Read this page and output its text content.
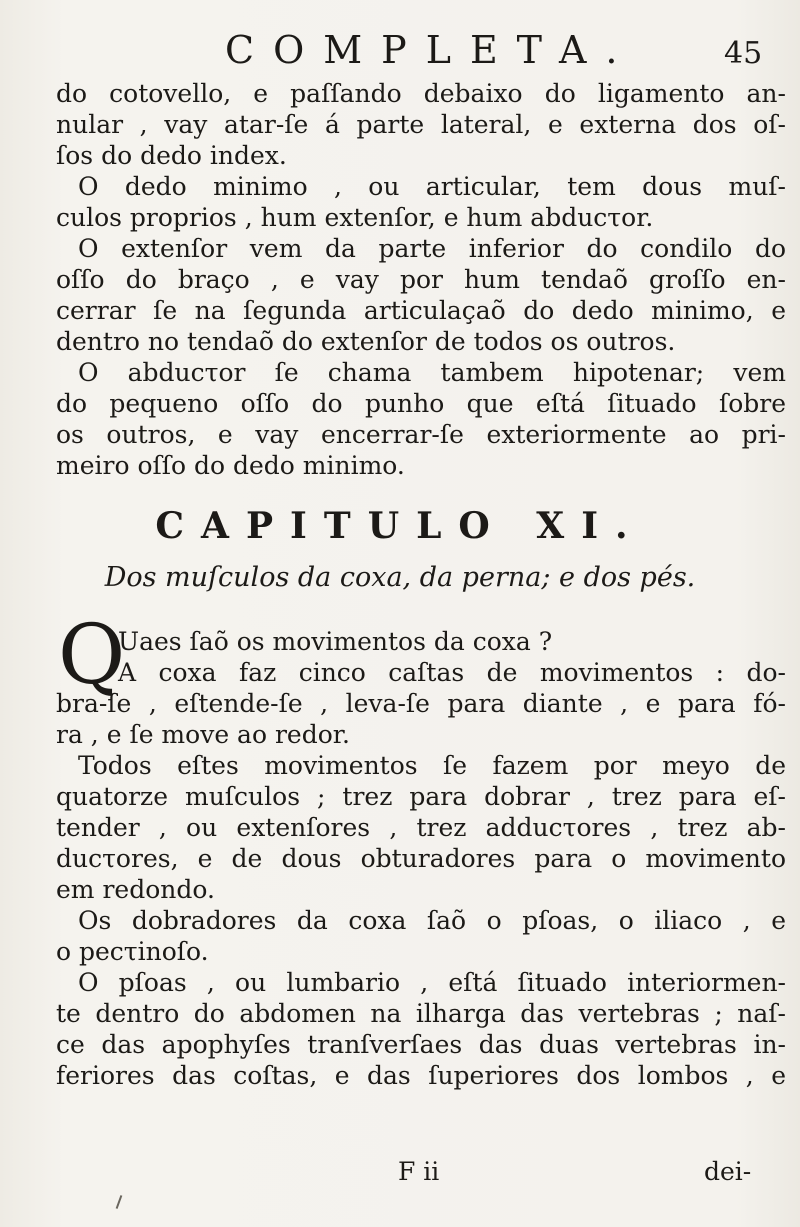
COMPLETA.	45
do cotovello, e paſſando debaixo do ligamento an-
nular , vay atar-ſe á parte lateral, e externa dos oſ-
ſos do dedo index.
O dedo minimo , ou articular, tem dous muſ-
culos proprios , hum extenſor, e hum abducτor.
O extenſor vem da parte inferior do condilo do
oſſo do braço , e vay por hum tendaõ groſſo en-
cerrar ſe na ſegunda articulaçaõ do dedo minimo, e
dentro no tendaõ do extenſor de todos os outros.
O abducτor ſe chama tambem hipotenar; vem
do pequeno oſſo do punho que eſtá ſituado ſobre
os outros, e vay encerrar-ſe exteriormente ao pri-
meiro oſſo do dedo minimo.
CAPITULO XI.
Dos muſculos da coxa, da perna; e dos pés.
Q
Uaes ſaõ os movimentos da coxa ?
A coxa faz cinco caſtas de movimentos : do-
bra-ſe , eſtende-ſe , leva-ſe para diante , e para fó-
ra , e ſe move ao redor.
Todos eſtes movimentos ſe fazem por meyo de
quatorze muſculos ; trez para dobrar , trez para eſ-
tender , ou extenſores , trez adducτores , trez ab-
ducτores, e de dous obturadores para o movimento
em redondo.
Os dobradores da coxa ſaõ o pſoas, o iliaco , e
o pecτinoſo.
O pſoas , ou lumbario , eſtá ſituado interiormen-
te dentro do abdomen na ilharga das vertebras ; naſ-
ce das apophyſes tranſverſaes das duas vertebras in-
feriores das coſtas, e das ſuperiores dos lombos , e
F ii	dei-
